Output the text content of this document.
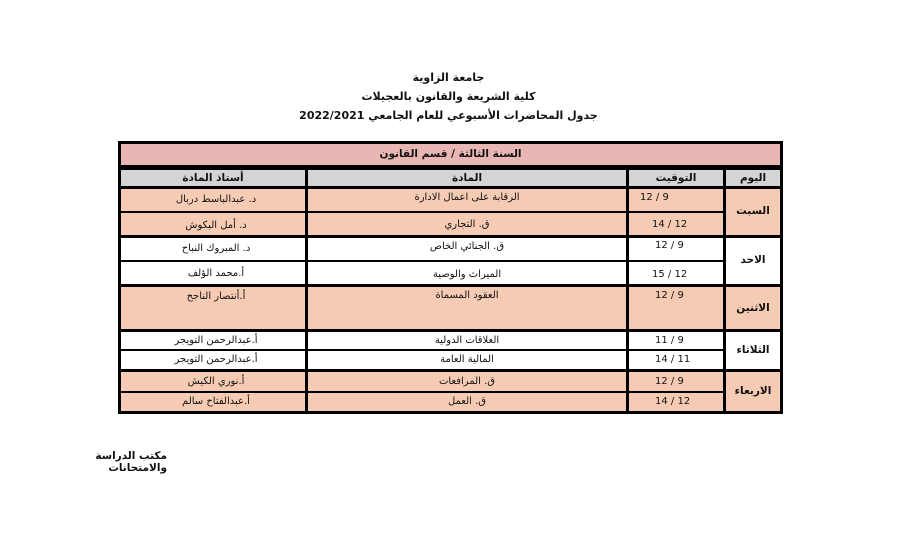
جامعة الزاوية
كلية الشريعة والقانون بالعجيلات
جدول المحاضرات الأسبوعي للعام الجامعي 2022/2021
السنة الثالثة / قسم القانون
اليوم
التوقيت
المادة
أستاذ المادة
السبت
الاحد
الاثنين
الثلاثاء
الاربعاء
12 / 9
الرقابة على اعمال الادارة
د. عبدالباسط دربال
14 / 12
ق. التجاري
د. أمل البكوش
12 / 9
ق. الجنائي الخاص
د. المبروك النباح
15 / 12
الميراث والوصية
أ.محمد الؤلف
12 / 9
العقود المسماة
أ.أنتصار الناجح
11 / 9
العلاقات الدولية
أ.عبدالرحمن التويجر
14 / 11
المالية العامة
أ.عبدالرحمن التويجر
12 / 9
ق. المرافعات
أ.نوري الكيش
14 / 12
ق. العمل
أ.عبدالفتاح سالم
مكتب الدراسة والامتحانات
